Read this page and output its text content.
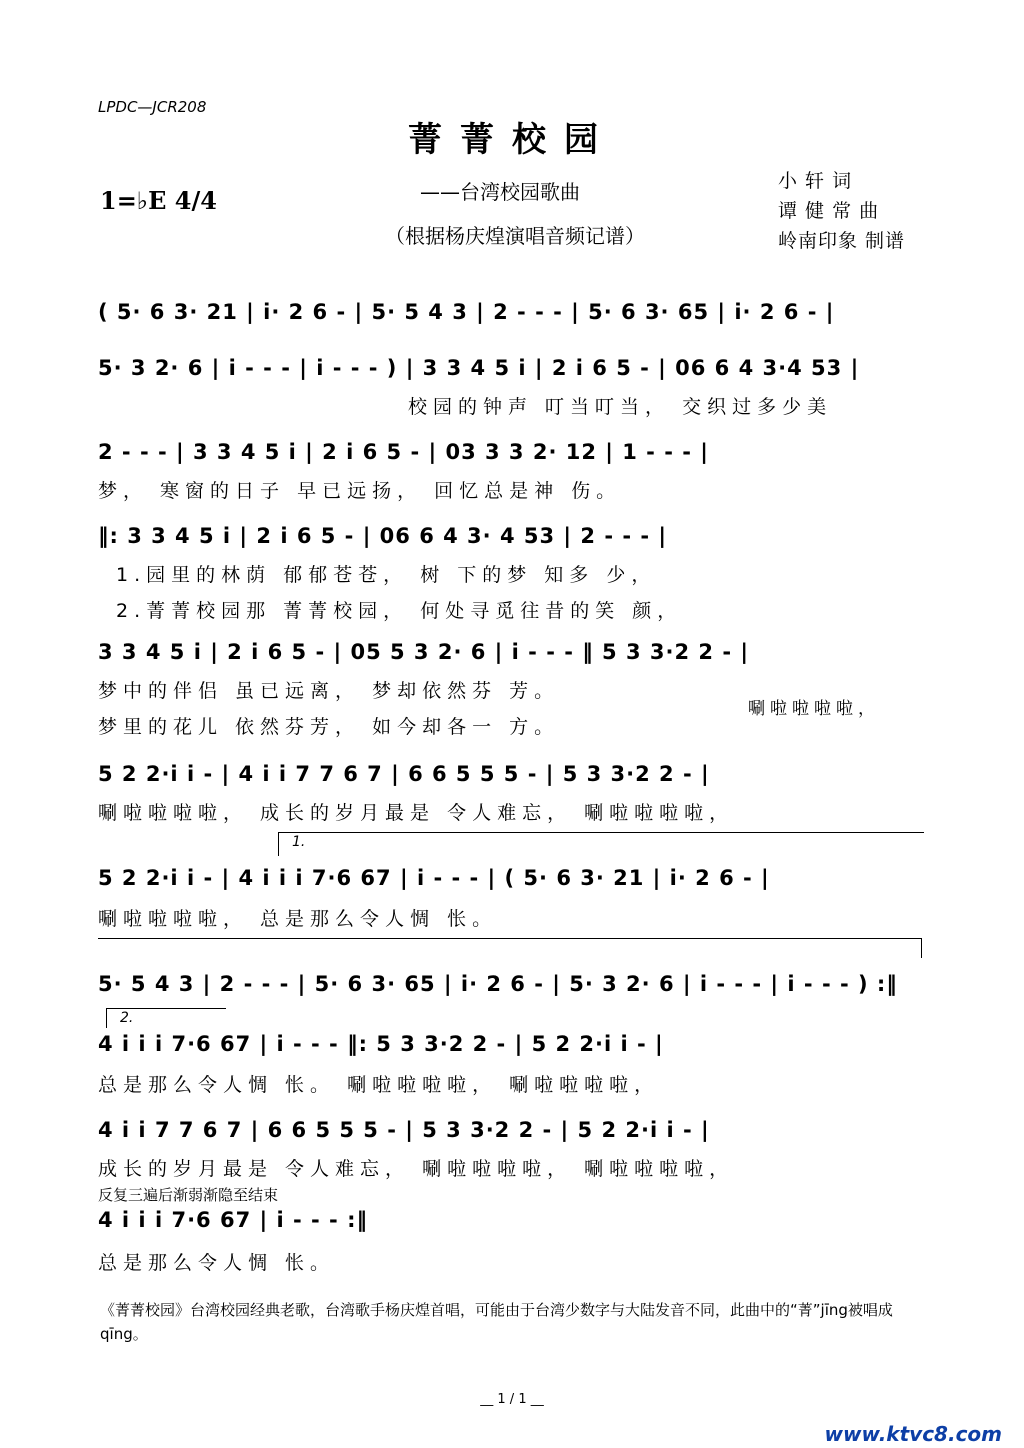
LPDC—JCR208
菁菁校园
1=♭E 4/4	——台湾校园歌曲
（根据杨庆煌演唱音频记谱）
小 轩 词
谭 健 常 曲
岭南印象 制谱
( 5· 6 3· 21 | i· 2 6 - | 5· 5 4 3 | 2 - - - | 5· 6 3· 65 | i· 2 6 - |
5· 3 2· 6 | i - - - | i - - - ) | 3 3 4 5 i | 2 i 6 5 - | 06 6 4 3·4 53 |
校园的钟声 叮当叮当， 交织过多少美
2 - - - | 3 3 4 5 i | 2 i 6 5 - | 03 3 3 2· 12 | 1 - - - |
梦， 寒窗的日子 早已远扬， 回忆总是神 伤。
‖: 3 3 4 5 i | 2 i 6 5 - | 06 6 4 3· 4 53 | 2 - - - |
1.园里的林荫 郁郁苍苍， 树 下的梦 知多 少，
2.菁菁校园那 菁菁校园， 何处寻觅往昔的笑 颜，
3 3 4 5 i | 2 i 6 5 - | 05 5 3 2· 6 | i - - - ‖ 5 3 3·2 2 - |
梦中的伴侣 虽已远离， 梦却依然芬 芳。
梦里的花儿 依然芬芳， 如今却各一 方。
唰啦啦啦啦，
5 2 2·i i - | 4 i i 7 7 6 7 | 6 6 5 5 5 - | 5 3 3·2 2 - |
唰啦啦啦啦， 成长的岁月最是 令人难忘， 唰啦啦啦啦，
1.
5 2 2·i i - | 4 i i i 7·6 67 | i - - - | ( 5· 6 3· 21 | i· 2 6 - |
唰啦啦啦啦， 总是那么令人惆 怅。
5· 5 4 3 | 2 - - - | 5· 6 3· 65 | i· 2 6 - | 5· 3 2· 6 | i - - - | i - - - ) :‖
2.
4 i i i 7·6 67 | i - - - ‖: 5 3 3·2 2 - | 5 2 2·i i - |
总是那么令人惆 怅。 唰啦啦啦啦， 唰啦啦啦啦，
4 i i 7 7 6 7 | 6 6 5 5 5 - | 5 3 3·2 2 - | 5 2 2·i i - |
成长的岁月最是 令人难忘， 唰啦啦啦啦， 唰啦啦啦啦，
反复三遍后渐弱渐隐至结束
4 i i i 7·6 67 | i - - - :‖
总是那么令人惆 怅。
《菁菁校园》台湾校园经典老歌，台湾歌手杨庆煌首唱，可能由于台湾少数字与大陆发音不同，此曲中的“菁”jīng被唱成qīng。
__ 1 / 1 __
www.ktvc8.com
